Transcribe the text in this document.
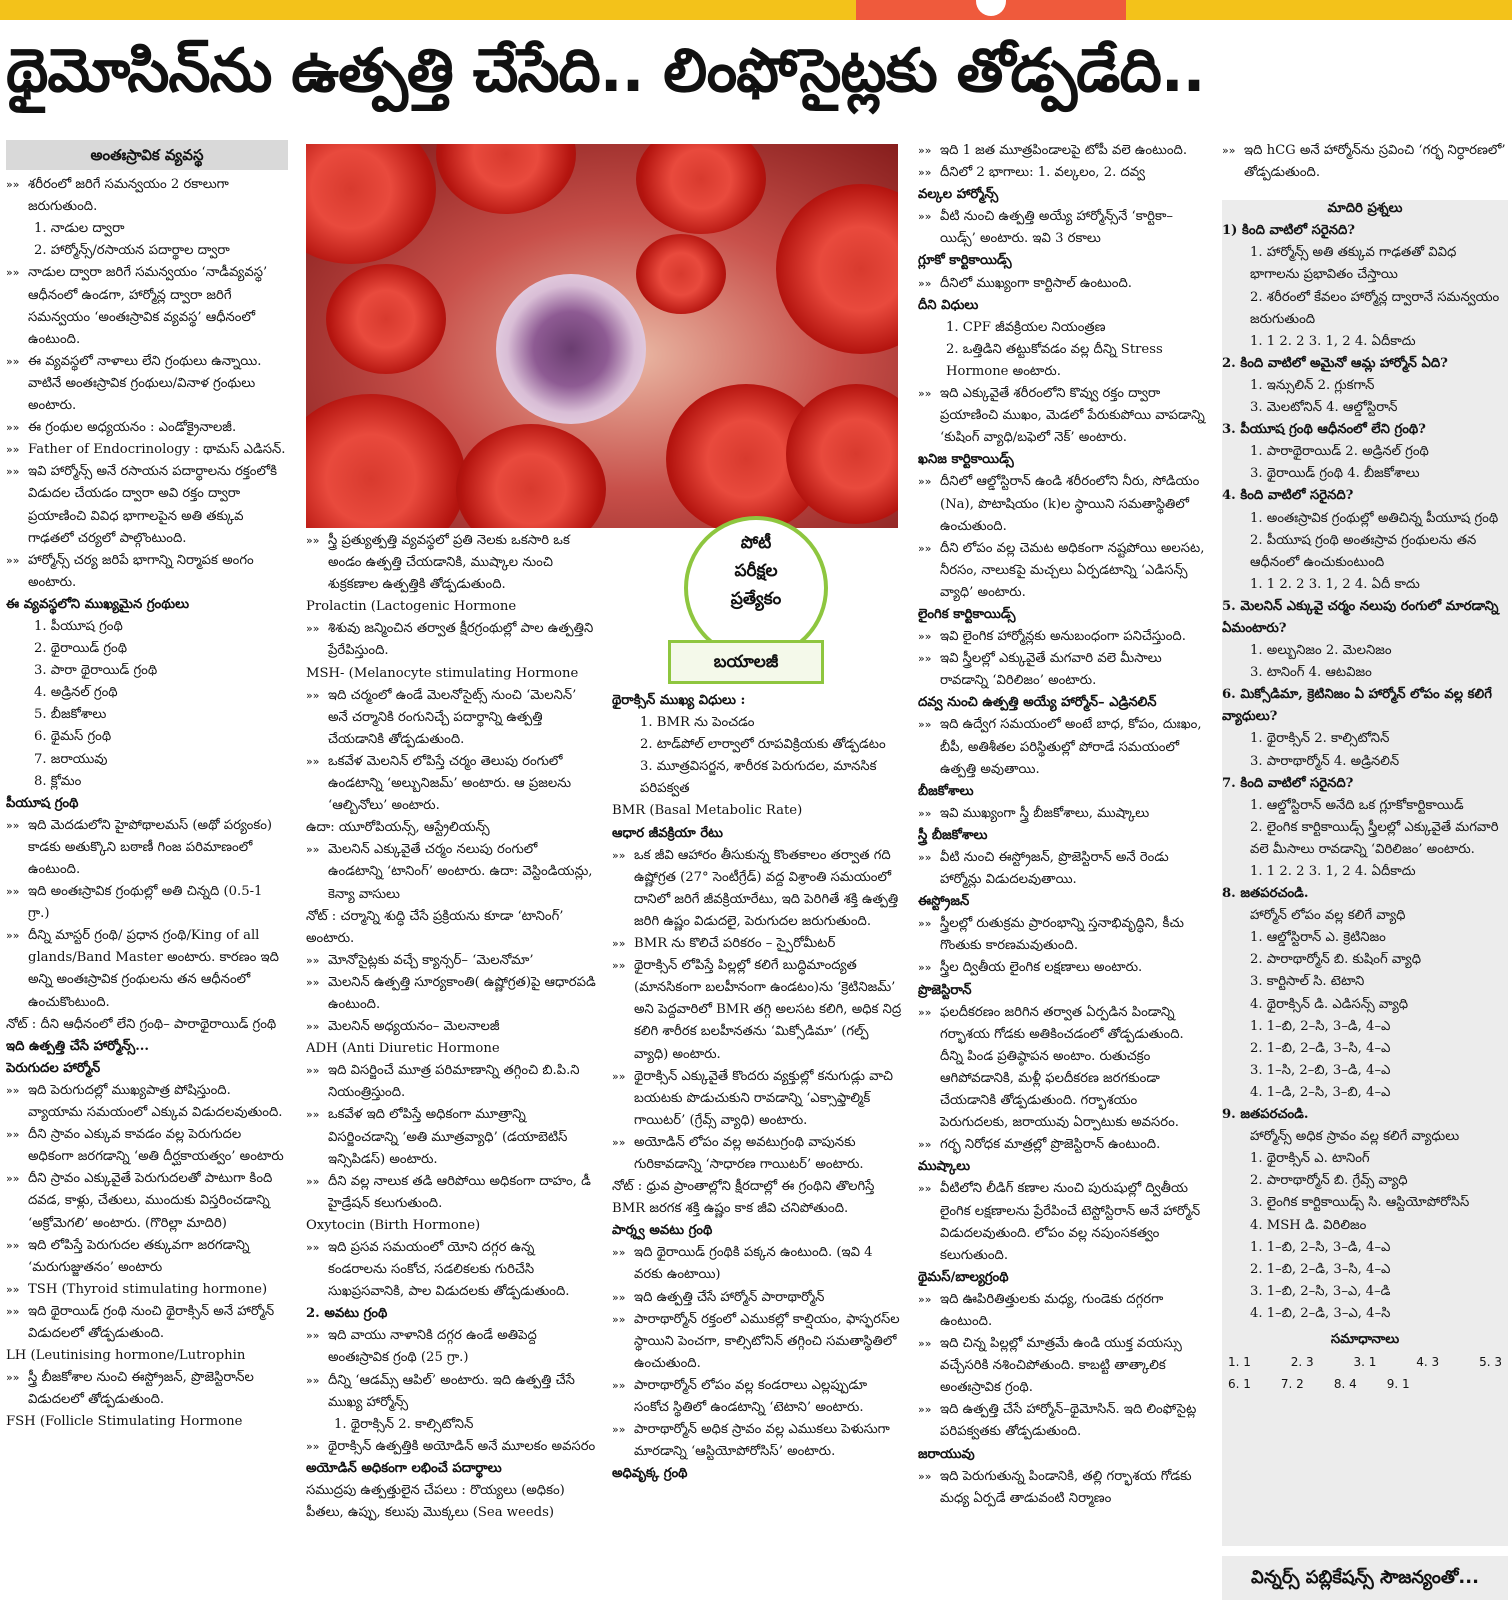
థైమోసిన్‌ను ఉత్పత్తి చేసేది.. లింఫోసైట్లకు తోడ్పడేది..
అంతఃస్రావిక వ్యవస్థ

»» శరీరంలో జరిగే సమన్వయం 2 రకాలుగా జరుగుతుంది.

1. నాడుల ద్వారా

2. హార్మోన్స్/రసాయన పదార్థాల ద్వారా

»» నాడుల ద్వారా జరిగే సమన్వయం ‘నాడీవ్యవస్థ’ ఆధీనంలో ఉండగా, హార్మోన్ల ద్వారా జరిగే సమన్వయం ‘అంతఃస్రావిక వ్యవస్థ’ ఆధీనంలో ఉంటుంది.

»» ఈ వ్యవస్థలో నాళాలు లేని గ్రంథులు ఉన్నాయి. వాటినే అంతఃస్రావిక గ్రంథులు/వినాళ గ్రంథులు అంటారు.

»» ఈ గ్రంథుల అధ్యయనం : ఎండోక్రైనాలజీ.

»» Father of Endocrinology : థామస్ ఎడిసన్.

»» ఇవి హార్మోన్స్ అనే రసాయన పదార్థాలను రక్తంలోకి విడుదల చేయడం ద్వారా అవి రక్తం ద్వారా ప్రయాణించి వివిధ భాగాలపైన అతి తక్కువ గాఢతలో చర్యలో పాల్గొంటుంది.

»» హార్మోన్స్ చర్య జరిపే భాగాన్ని నిర్మాపక అంగం అంటారు.

ఈ వ్యవస్థలోని ముఖ్యమైన గ్రంథులు

1. పీయూష గ్రంథి

2. థైరాయిడ్ గ్రంథి

3. పారా థైరాయిడ్ గ్రంథి

4. అడ్రినల్ గ్రంథి

5. బీజకోశాలు

6. థైమస్ గ్రంథి

7. జరాయువు

8. క్లోమం

పీయూష గ్రంథి

»» ఇది మెదడులోని హైపోథాలమస్ (అథో పర్యంకం) కాడకు అతుక్కొని బఠాణీ గింజ పరిమాణంలో ఉంటుంది.

»» ఇది అంతఃస్రావిక గ్రంథుల్లో అతి చిన్నది (0.5-1 గ్రా.)

»» దీన్ని మాస్టర్ గ్రంథి/ ప్రధాన గ్రంథి/King of all glands/Band Master అంటారు. కారణం ఇది అన్ని అంతఃస్రావిక గ్రంథులను తన ఆధీనంలో ఉంచుకొంటుంది.

నోట్ : దీని ఆధీనంలో లేని గ్రంథి– పారాథైరాయిడ్ గ్రంథి

ఇది ఉత్పత్తి చేసే హార్మోన్స్...

పెరుగుదల హార్మోన్

»» ఇది పెరుగుదల్లో ముఖ్యపాత్ర పోషిస్తుంది. వ్యాయామ సమయంలో ఎక్కువ విడుదలవుతుంది.

»» దీని స్రావం ఎక్కువ కావడం వల్ల పెరుగుదల అధికంగా జరగడాన్ని ‘అతి దీర్ఘకాయత్వం’ అంటారు

»» దీని స్రావం ఎక్కువైతే పెరుగుదలతో పాటుగా కింది దవడ, కాళ్లు, చేతులు, ముందుకు విస్తరించడాన్ని ‘అక్రోమెగలి’ అంటారు. (గొరిల్లా మాదిరి)

»» ఇది లోపిస్తే పెరుగుదల తక్కువగా జరగడాన్ని ‘మరుగుజ్జుతనం’ అంటారు

»» TSH (Thyroid stimulating hormone)

»» ఇది థైరాయిడ్ గ్రంథి నుంచి థైరాక్సిన్ అనే హార్మోన్ విడుదలలో తోడ్పడుతుంది.

LH (Leutinising hormone/Lutrophin

»» స్త్రీ బీజకోశాల నుంచి ఈస్ట్రోజన్, ప్రొజెస్టిరాన్‌ల విడుదలలో తోడ్పడుతుంది.

FSH (Follicle Stimulating Hormone

»» స్త్రీ ప్రత్యుత్పత్తి వ్యవస్థలో ప్రతి నెలకు ఒకసారి ఒక అండం ఉత్పత్తి చేయడానికి, ముష్కాల నుంచి శుక్రకణాల ఉత్పత్తికి తోడ్పడుతుంది.

Prolactin (Lactogenic Hormone

»» శిశువు జన్మించిన తర్వాత క్షీరగ్రంథుల్లో పాల ఉత్పత్తిని ప్రేరేపిస్తుంది.

MSH- (Melanocyte stimulating Hormone

»» ఇది చర్మంలో ఉండే మెలనోసైట్స్ నుంచి ‘మెలనిన్’ అనే చర్మానికి రంగునిచ్చే పదార్థాన్ని ఉత్పత్తి చేయడానికి తోడ్పడుతుంది.

»» ఒకవేళ మెలనిన్ లోపిస్తే చర్మం తెలుపు రంగులో ఉండటాన్ని ‘అల్బునిజమ్’ అంటారు. ఆ ప్రజలను ‘ఆల్బినోలు’ అంటారు.

ఉదా: యూరోపియన్స్, ఆస్ట్రేలియన్స్

»» మెలనిన్ ఎక్కువైతే చర్మం నలుపు రంగులో ఉండటాన్ని ‘టానింగ్’ అంటారు. ఉదా: వెస్టిండియన్లు, కెన్యా వాసులు

నోట్ : చర్మాన్ని శుద్ధి చేసే ప్రక్రియను కూడా ‘టానింగ్’ అంటారు.

»» మోనోసైట్లకు వచ్చే క్యాన్సర్– ‘మెలనోమా’

»» మెలనిన్ ఉత్పత్తి సూర్యకాంతి( ఉష్ణోగ్రత)పై ఆధారపడి ఉంటుంది.

»» మెలనిన్ అధ్యయనం– మెలనాలజీ

ADH (Anti Diuretic Hormone

»» ఇది విసర్జించే మూత్ర పరిమాణాన్ని తగ్గించి బి.పి.ని నియంత్రిస్తుంది.

»» ఒకవేళ ఇది లోపిస్తే అధికంగా మూత్రాన్ని విసర్జించడాన్ని ‘అతి మూత్రవ్యాధి’ (డయాబెటిస్ ఇన్సిపిడస్) అంటారు.

»» దీని వల్ల నాలుక తడి ఆరిపోయి అధికంగా దాహం, డీ హైడ్రేషన్ కలుగుతుంది.

Oxytocin (Birth Hormone)

»» ఇది ప్రసవ సమయంలో యోని దగ్గర ఉన్న కండరాలను సంకోచ, సడలికలకు గురిచేసి సుఖప్రసవానికి, పాల విడుదలకు తోడ్పడుతుంది.

2. అవటు గ్రంథి

»» ఇది వాయు నాళానికి దగ్గర ఉండే అతిపెద్ద అంతఃస్రావిక గ్రంథి (25 గ్రా.)

»» దీన్ని ‘ఆడమ్స్ ఆపిల్’ అంటారు. ఇది ఉత్పత్తి చేసే ముఖ్య హార్మోన్స్

1. థైరాక్సిన్ 2. కాల్సిటోనిన్

»» థైరాక్సిన్ ఉత్పత్తికి అయోడిన్ అనే మూలకం అవసరం

అయోడిన్ అధికంగా లభించే పదార్థాలు

సముద్రపు ఉత్పత్తులైన చేపలు : రొయ్యలు (అధికం) పీతలు, ఉప్పు, కలుపు మొక్కలు (Sea weeds)

పోటీ
పరీక్షల
ప్రత్యేకం
బయాలజీ

థైరాక్సిన్ ముఖ్య విధులు :

1. BMR ను పెంచడం

2. టాడ్‌పోల్ లార్వాలో రూపవిక్రియకు తోడ్పడటం

3. మూత్రవిసర్జన, శారీరక పెరుగుదల, మానసిక పరిపక్వత

BMR (Basal Metabolic Rate)

ఆధార జీవక్రియా రేటు

»» ఒక జీవి ఆహారం తీసుకున్న కొంతకాలం తర్వాత గది ఉష్ణోగ్రత (27° సెంటీగ్రేడ్) వద్ద విశ్రాంతి సమయంలో దానిలో జరిగే జీవక్రియారేటు, ఇది పెరిగితే శక్తి ఉత్పత్తి జరిగి ఉష్ణం విడుదలై, పెరుగుదల జరుగుతుంది.

»» BMR ను కొలిచే పరికరం – స్పైరోమీటర్

»» థైరాక్సిన్ లోపిస్తే పిల్లల్లో కలిగే బుద్ధిమాంద్యత (మానసికంగా బలహీనంగా ఉండటం)ను ‘క్రెటినిజమ్’ అని పెద్దవారిలో BMR తగ్గి అలసట కలిగి, అధిక నిద్ర కలిగి శారీరక బలహీనతను ‘మిక్సోడిమా’ (గల్ప్ వ్యాధి) అంటారు.

»» థైరాక్సిన్ ఎక్కువైతే కొందరు వ్యక్తుల్లో కనుగుడ్లు వాచి బయటకు పొడుచుకుని రావడాన్ని ‘ఎక్సాఫ్తాల్మిక్ గాయిటర్’ (గ్రేవ్స్ వ్యాధి) అంటారు.

»» అయోడిన్ లోపం వల్ల అవటుగ్రంథి వాపునకు గురికావడాన్ని ‘సాధారణ గాయిటర్’ అంటారు.

నోట్ : ధ్రువ ప్రాంతాల్లోని క్షీరదాల్లో ఈ గ్రంథిని తొలగిస్తే BMR జరగక శక్తి ఉష్ణం కాక జీవి చనిపోతుంది.

పార్శ్వ అవటు గ్రంథి

»» ఇది థైరాయిడ్ గ్రంథికి పక్కన ఉంటుంది. (ఇవి 4 వరకు ఉంటాయి)

»» ఇది ఉత్పత్తి చేసే హార్మోన్ పారాథార్మోన్

»» పారాథార్మోన్ రక్తంలో ఎముకల్లో కాల్షియం, ఫాస్ఫరస్‌ల స్థాయిని పెంచగా, కాల్సిటోనిన్ తగ్గించి సమతాస్థితిలో ఉంచుతుంది.

»» పారాథార్మోన్ లోపం వల్ల కండరాలు ఎల్లప్పుడూ సంకోచ స్థితిలో ఉండటాన్ని ‘టెటాని’ అంటారు.

»» పారాథార్మోన్ అధిక స్రావం వల్ల ఎముకలు పెళుసుగా మారడాన్ని ‘ఆస్టియోపోరోసిస్’ అంటారు.

అధివృక్క గ్రంథి

»» ఇది 1 జత మూత్రపిండాలపై టోపీ వలె ఉంటుంది.

»» దీనిలో 2 భాగాలు: 1. వల్కలం, 2. దవ్వ

వల్కల హార్మోన్స్

»» వీటి నుంచి ఉత్పత్తి అయ్యే హార్మోన్స్‌నే ‘కార్టికా–యిడ్స్’ అంటారు. ఇవి 3 రకాలు

గ్లూకో కార్టికాయిడ్స్

»» దీనిలో ముఖ్యంగా కార్టిసాల్ ఉంటుంది.

దీని విధులు

1. CPF జీవక్రియల నియంత్రణ

2. ఒత్తిడిని తట్టుకోవడం వల్ల దీన్ని Stress Hormone అంటారు.

»» ఇది ఎక్కువైతే శరీరంలోని కొవ్వు రక్తం ద్వారా ప్రయాణించి ముఖం, మెడలో పేరుకుపోయి వాపడాన్ని ‘కుషింగ్ వ్యాధి/బఫెలో నెక్’ అంటారు.

ఖనిజ కార్టికాయిడ్స్

»» దీనిలో ఆల్డోస్టిరాన్ ఉండి శరీరంలోని నీరు, సోడియం (Na), పొటాషియం (k)ల స్థాయిని సమతాస్థితిలో ఉంచుతుంది.

»» దీని లోపం వల్ల చెమట అధికంగా నష్టపోయి అలసట, నీరసం, నాలుకపై మచ్చలు ఏర్పడటాన్ని ‘ఎడిసన్స్ వ్యాధి’ అంటారు.

లైంగిక కార్టికాయిడ్స్

»» ఇవి లైంగిక హార్మోన్లకు అనుబంధంగా పనిచేస్తుంది.

»» ఇవి స్త్రీలల్లో ఎక్కువైతే మగవారి వలె మీసాలు రావడాన్ని ‘విరిలిజం’ అంటారు.

దవ్వ నుంచి ఉత్పత్తి అయ్యే హార్మోన్– ఎడ్రినలిన్

»» ఇది ఉద్వేగ సమయంలో అంటే బాధ, కోపం, దుఃఖం, బీపీ, అతిశీతల పరిస్థితుల్లో పోరాడే సమయంలో ఉత్పత్తి అవుతాయి.

బీజకోశాలు

»» ఇవి ముఖ్యంగా స్త్రీ బీజకోశాలు, ముష్కాలు

స్త్రీ బీజకోశాలు

»» వీటి నుంచి ఈస్ట్రోజన్, ప్రొజెస్టిరాన్ అనే రెండు హార్మోన్లు విడుదలవుతాయి.

ఈస్ట్రోజన్

»» స్త్రీలల్లో రుతుక్రమ ప్రారంభాన్ని స్తనాభివృద్ధిని, కీచు గొంతుకు కారణమవుతుంది.

»» స్త్రీల ద్వితీయ లైంగిక లక్షణాలు అంటారు.

ప్రొజెస్టిరాన్

»» ఫలదీకరణం జరిగిన తర్వాత ఏర్పడిన పిండాన్ని గర్భాశయ గోడకు అతికించడంలో తోడ్పడుతుంది. దీన్ని పిండ ప్రతిష్ఠాపన అంటాం. రుతుచక్రం ఆగిపోవడానికి, మళ్లీ ఫలదీకరణ జరగకుండా చేయడానికి తోడ్పడుతుంది. గర్భాశయం పెరుగుదలకు, జరాయువు ఏర్పాటుకు అవసరం.

»» గర్భ నిరోధక మాత్రల్లో ప్రొజెస్టిరాన్ ఉంటుంది.

ముష్కాలు

»» వీటిలోని లీడిగ్ కణాల నుంచి పురుషుల్లో ద్వితీయ లైంగిక లక్షణాలను ప్రేరేపించే టెస్టోస్టిరాన్ అనే హార్మోన్ విడుదలవుతుంది. లోపం వల్ల నపుంసకత్వం కలుగుతుంది.

థైమస్/బాల్యగ్రంథి

»» ఇది ఊపిరితిత్తులకు మధ్య, గుండెకు దగ్గరగా ఉంటుంది.

»» ఇది చిన్న పిల్లల్లో మాత్రమే ఉండి యుక్త వయస్సు వచ్చేసరికి నశించిపోతుంది. కాబట్టి తాత్కాలిక అంతఃస్రావిక గ్రంథి.

»» ఇది ఉత్పత్తి చేసే హార్మోన్–థైమోసిన్. ఇది లింఫోసైట్ల పరిపక్వతకు తోడ్పడుతుంది.

జరాయువు

»» ఇది పెరుగుతున్న పిండానికి, తల్లి గర్భాశయ గోడకు మధ్య ఏర్పడే తాడువంటి నిర్మాణం

»» ఇది hCG అనే హార్మోన్‌ను స్రవించి ‘గర్భ నిర్ధారణలో’ తోడ్పడుతుంది.

మాదిరి ప్రశ్నలు

1) కింది వాటిలో సరైనది?

1. హార్మోన్స్ అతి తక్కువ గాఢతతో వివిధ భాగాలను ప్రభావితం చేస్తాయి

2. శరీరంలో కేవలం హార్మోన్ల ద్వారానే సమన్వయం జరుగుతుంది

1. 1 2. 2 3. 1, 2 4. ఏదీకాదు

2. కింది వాటిలో అమైనో ఆమ్ల హార్మోన్ ఏది?

1. ఇన్సులిన్ 2. గ్లుకగాన్

3. మెలటోనిన్ 4. ఆల్డోస్టిరాన్

3. పీయూష గ్రంథి ఆధీనంలో లేని గ్రంథి?

1. పారాథైరాయిడ్ 2. అడ్రినల్ గ్రంథి

3. థైరాయిడ్ గ్రంథి 4. బీజకోశాలు

4. కింది వాటిలో సరైనది?

1. అంతఃస్రావిక గ్రంథుల్లో అతిచిన్న పీయూష గ్రంథి

2. పీయూష గ్రంథి అంతఃస్రావ గ్రంథులను తన ఆధీనంలో ఉంచుకుంటుంది

1. 1 2. 2 3. 1, 2 4. ఏదీ కాదు

5. మెలనిన్ ఎక్కువై చర్మం నలుపు రంగులో మారడాన్ని ఏమంటారు?

1. అల్బునిజం 2. మెలనిజం

3. టానింగ్ 4. ఆటవిజం

6. మిక్సోడిమా, క్రెటినిజం ఏ హార్మోన్ లోపం వల్ల కలిగే వ్యాధులు?

1. థైరాక్సిన్ 2. కాల్సిటోనిన్

3. పారాథార్మోన్ 4. అడ్రినలిన్

7. కింది వాటిలో సరైనది?

1. ఆల్డోస్టిరాన్ అనేది ఒక గ్లూకోకార్టికాయిడ్

2. లైంగిక కార్టికాయిడ్స్ స్త్రీలల్లో ఎక్కువైతే మగవారి వలె మీసాలు రావడాన్ని ‘విరిలిజం’ అంటారు.

1. 1 2. 2 3. 1, 2 4. ఏదీకాదు

8. జతపరచండి.

హార్మోన్ లోపం వల్ల కలిగే వ్యాధి

1. ఆల్డోస్టిరాన్ ఎ. క్రెటినిజం

2. పారాథార్మోన్ బి. కుషింగ్ వ్యాధి

3. కార్టిసాల్ సి. టెటాని

4. థైరాక్సిన్ డి. ఎడిసన్స్ వ్యాధి

1. 1–బి, 2–సి, 3–డి, 4–ఎ

2. 1–బి, 2–డి, 3–సి, 4–ఎ

3. 1–సి, 2–బి, 3–డి, 4–ఎ

4. 1–డి, 2–సి, 3–బి, 4–ఎ

9. జతపరచండి.

హార్మోన్స్ అధిక స్రావం వల్ల కలిగే వ్యాధులు

1. థైరాక్సిన్ ఎ. టానింగ్

2. పారాథార్మోన్ బి. గ్రేవ్స్ వ్యాధి

3. లైంగిక కార్టికాయిడ్స్ సి. ఆస్టియోపోరోసిస్

4. MSH డి. విరిలిజం

1. 1–బి, 2–సి, 3–డి, 4–ఎ

2. 1–బి, 2–డి, 3–సి, 4–ఎ

3. 1–బి, 2–సి, 3–ఎ, 4–డి

4. 1–బి, 2–డి, 3–ఎ, 4–సి

సమాధానాలు

1. 1	2. 3	3. 1	4. 3	5. 3
6. 1	7. 2	8. 4	9. 1
విన్నర్స్ పబ్లికేషన్స్ సౌజన్యంతో...
